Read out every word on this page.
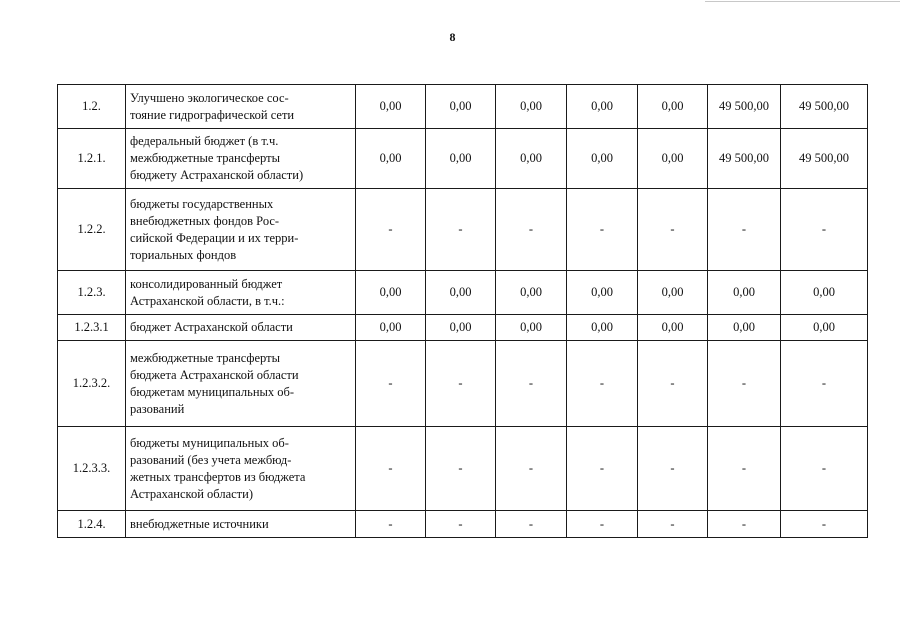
8
1.2.	Улучшено экологическое сос-
тояние гидрографической сети	0,00	0,00	0,00	0,00	0,00	49 500,00	49 500,00
1.2.1.	федеральный бюджет (в т.ч.
межбюджетные трансферты
бюджету Астраханской области)	0,00	0,00	0,00	0,00	0,00	49 500,00	49 500,00
1.2.2.	бюджеты государственных
внебюджетных фондов Рос-
сийской Федерации и их терри-
ториальных фондов	-	-	-	-	-	-	-
1.2.3.	консолидированный бюджет
Астраханской области, в т.ч.:	0,00	0,00	0,00	0,00	0,00	0,00	0,00
1.2.3.1	бюджет Астраханской области	0,00	0,00	0,00	0,00	0,00	0,00	0,00
1.2.3.2.	межбюджетные трансферты
бюджета Астраханской области
бюджетам муниципальных об-
разований	-	-	-	-	-	-	-
1.2.3.3.	бюджеты муниципальных об-
разований (без учета межбюд-
жетных трансфертов из бюджета
Астраханской области)	-	-	-	-	-	-	-
1.2.4.	внебюджетные источники	-	-	-	-	-	-	-
